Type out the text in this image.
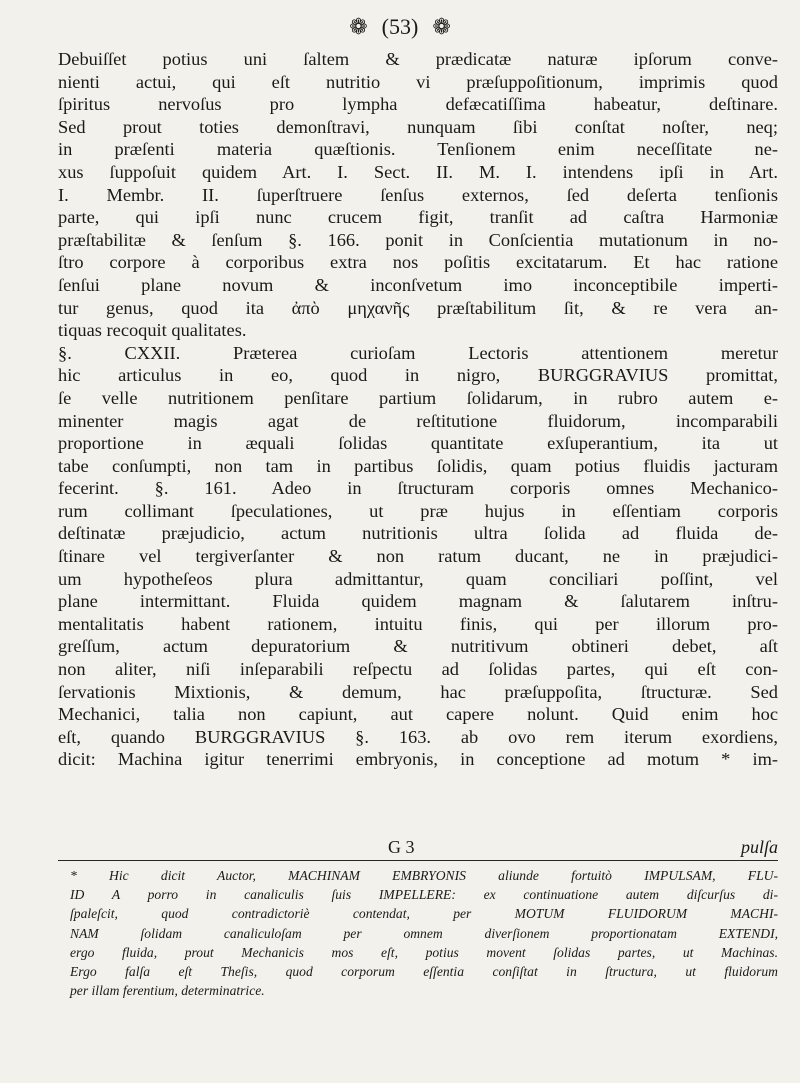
❁ (53) ❁
Debuiſſet potius uni ſaltem & prædicatæ naturæ ipſorum conve-
nienti actui, qui eſt nutritio vi præſuppoſitionum, imprimis quod
ſpiritus nervoſus pro lympha defæcatiſſima habeatur, deſtinare.
Sed prout toties demonſtravi, nunquam ſibi conſtat noſter, neq;
in præſenti materia quæſtionis. Tenſionem enim neceſſitate ne-
xus ſuppoſuit quidem Art. I. Sect. II. M. I. intendens ipſi in Art.
I. Membr. II. ſuperſtruere ſenſus externos, ſed deſerta tenſionis
parte, qui ipſi nunc crucem figit, tranſit ad caſtra Harmoniæ
præſtabilitæ & ſenſum §. 166. ponit in Conſcientia mutationum in no-
ſtro corpore à corporibus extra nos poſitis excitatarum. Et hac ratione
ſenſui plane novum & inconſvetum imo inconceptibile imperti-
tur genus, quod ita ἀπὸ μηχανῆς præſtabilitum ſit, & re vera an-
tiquas recoquit qualitates.
§. CXXII. Præterea curioſam Lectoris attentionem meretur
hic articulus in eo, quod in nigro, BURGGRAVIUS promittat,
ſe velle nutritionem penſitare partium ſolidarum, in rubro autem e-
minenter magis agat de reſtitutione fluidorum, incomparabili
proportione in æquali ſolidas quantitate exſuperantium, ita ut
tabe conſumpti, non tam in partibus ſolidis, quam potius fluidis jacturam
fecerint. §. 161. Adeo in ſtructuram corporis omnes Mechanico-
rum collimant ſpeculationes, ut præ hujus in eſſentiam corporis
deſtinatæ præjudicio, actum nutritionis ultra ſolida ad fluida de-
ſtinare vel tergiverſanter & non ratum ducant, ne in præjudici-
um hypotheſeos plura admittantur, quam conciliari poſſint, vel
plane intermittant. Fluida quidem magnam & ſalutarem inſtru-
mentalitatis habent rationem, intuitu finis, qui per illorum pro-
greſſum, actum depuratorium & nutritivum obtineri debet, aſt
non aliter, niſi inſeparabili reſpectu ad ſolidas partes, qui eſt con-
ſervationis Mixtionis, & demum, hac præſuppoſita, ſtructuræ. Sed
Mechanici, talia non capiunt, aut capere nolunt. Quid enim hoc
eſt, quando BURGGRAVIUS §. 163. ab ovo rem iterum exordiens,
dicit: Machina igitur tenerrimi embryonis, in conceptione ad motum * im-
G 3	pulſa
* Hic dicit Auctor, MACHINAM EMBRYONIS aliunde fortuitò IMPULSAM, FLU-
ID A porro in canaliculis ſuis IMPELLERE: ex continuatione autem diſcurſus di-
ſpaleſcit, quod contradictoriè contendat, per MOTUM FLUIDORUM MACHI-
NAM ſolidam canaliculoſam per omnem diverſionem proportionatam EXTENDI,
ergo fluida, prout Mechanicis mos eſt, potius movent ſolidas partes, ut Machinas.
Ergo falſa eſt Theſis, quod corporum eſſentia conſiſtat in ſtructura, ut fluidorum
per illam ferentium, determinatrice.
